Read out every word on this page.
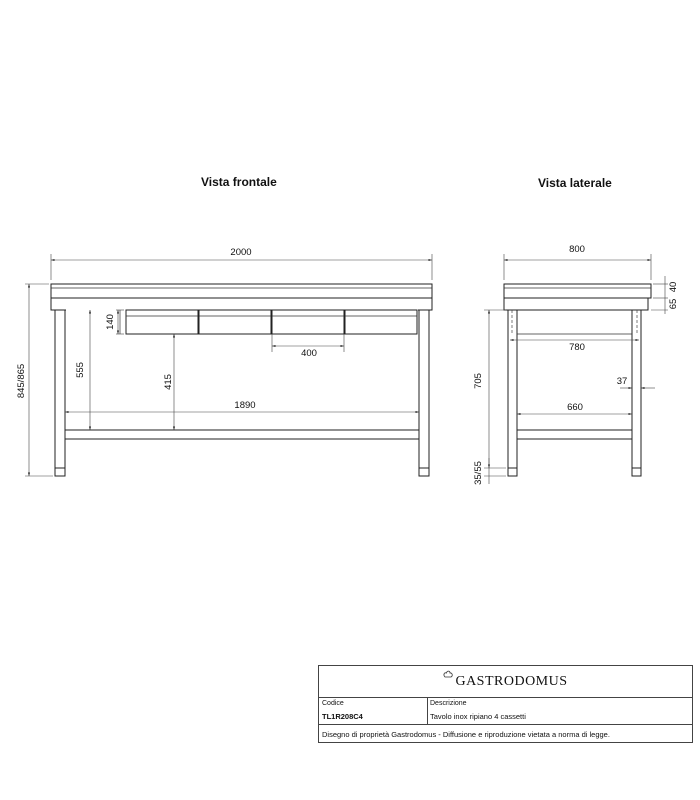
Vista frontale	Vista laterale
2000
845/865
140
400
555
415
1890
800
65
40
780
705	37
660
35/55
GASTRODOMUS
Codice
TL1R208C4
Descrizione
Tavolo inox ripiano 4 cassetti
Disegno di proprietà Gastrodomus - Diffusione e riproduzione vietata a norma di legge.
